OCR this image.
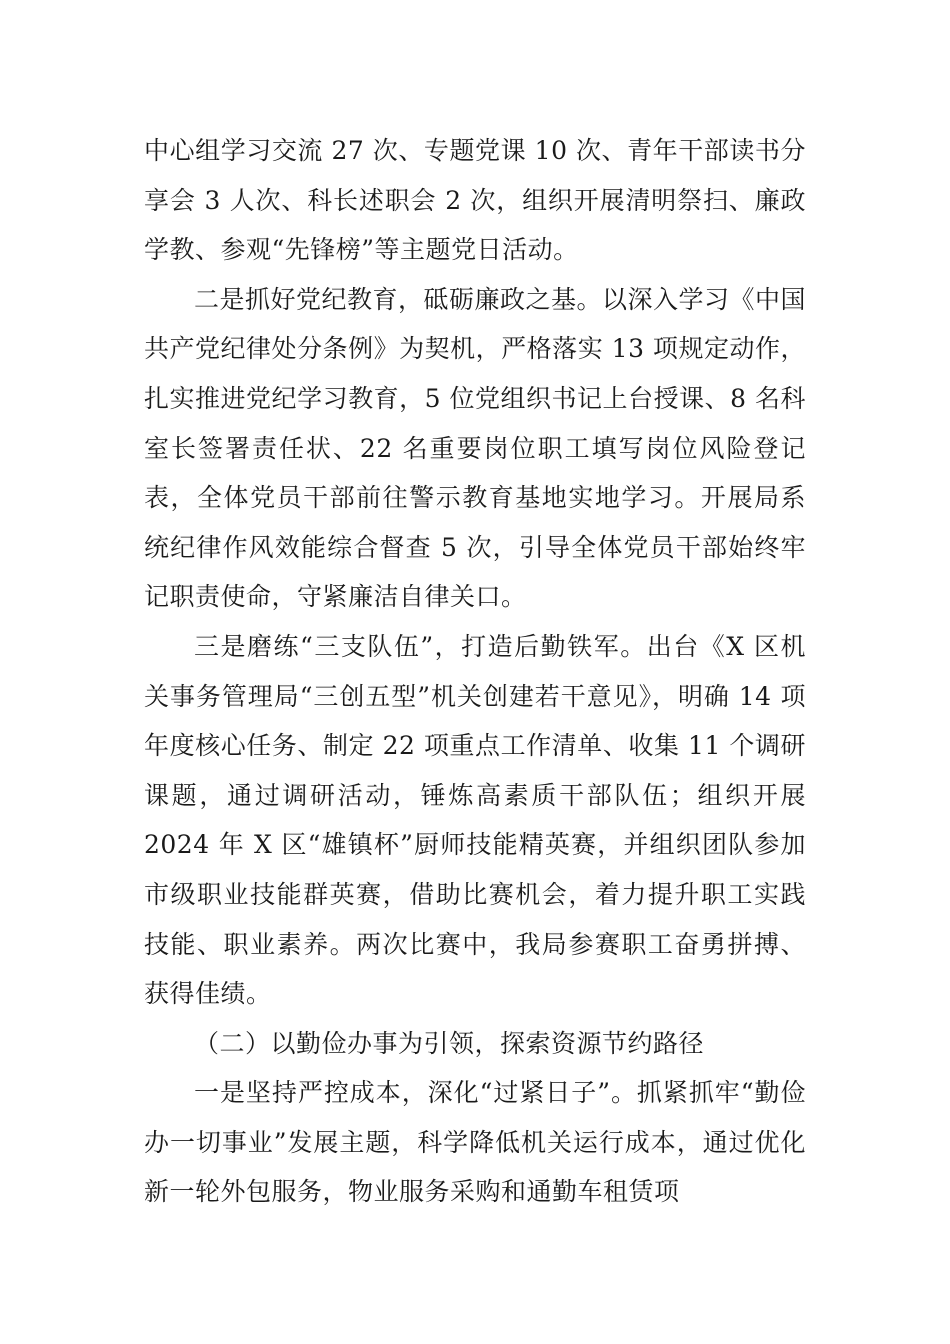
中心组学习交流 27 次、专题党课 10 次、青年干部读书分享会 3 人次、科长述职会 2 次，组织开展清明祭扫、廉政学教、参观“先锋榜”等主题党日活动。

二是抓好党纪教育，砥砺廉政之基。以深入学习《中国共产党纪律处分条例》为契机，严格落实 13 项规定动作，扎实推进党纪学习教育，5 位党组织书记上台授课、8 名科室长签署责任状、22 名重要岗位职工填写岗位风险登记表，全体党员干部前往警示教育基地实地学习。开展局系统纪律作风效能综合督查 5 次，引导全体党员干部始终牢记职责使命，守紧廉洁自律关口。

三是磨练“三支队伍”，打造后勤铁军。出台《X 区机关事务管理局“三创五型”机关创建若干意见》，明确 14 项年度核心任务、制定 22 项重点工作清单、收集 11 个调研课题，通过调研活动，锤炼高素质干部队伍；组织开展 2024 年 X 区“雄镇杯”厨师技能精英赛，并组织团队参加市级职业技能群英赛，借助比赛机会，着力提升职工实践技能、职业素养。两次比赛中，我局参赛职工奋勇拼搏、获得佳绩。

（二）以勤俭办事为引领，探索资源节约路径

一是坚持严控成本，深化“过紧日子”。抓紧抓牢“勤俭办一切事业”发展主题，科学降低机关运行成本，通过优化新一轮外包服务，物业服务采购和通勤车租赁项
